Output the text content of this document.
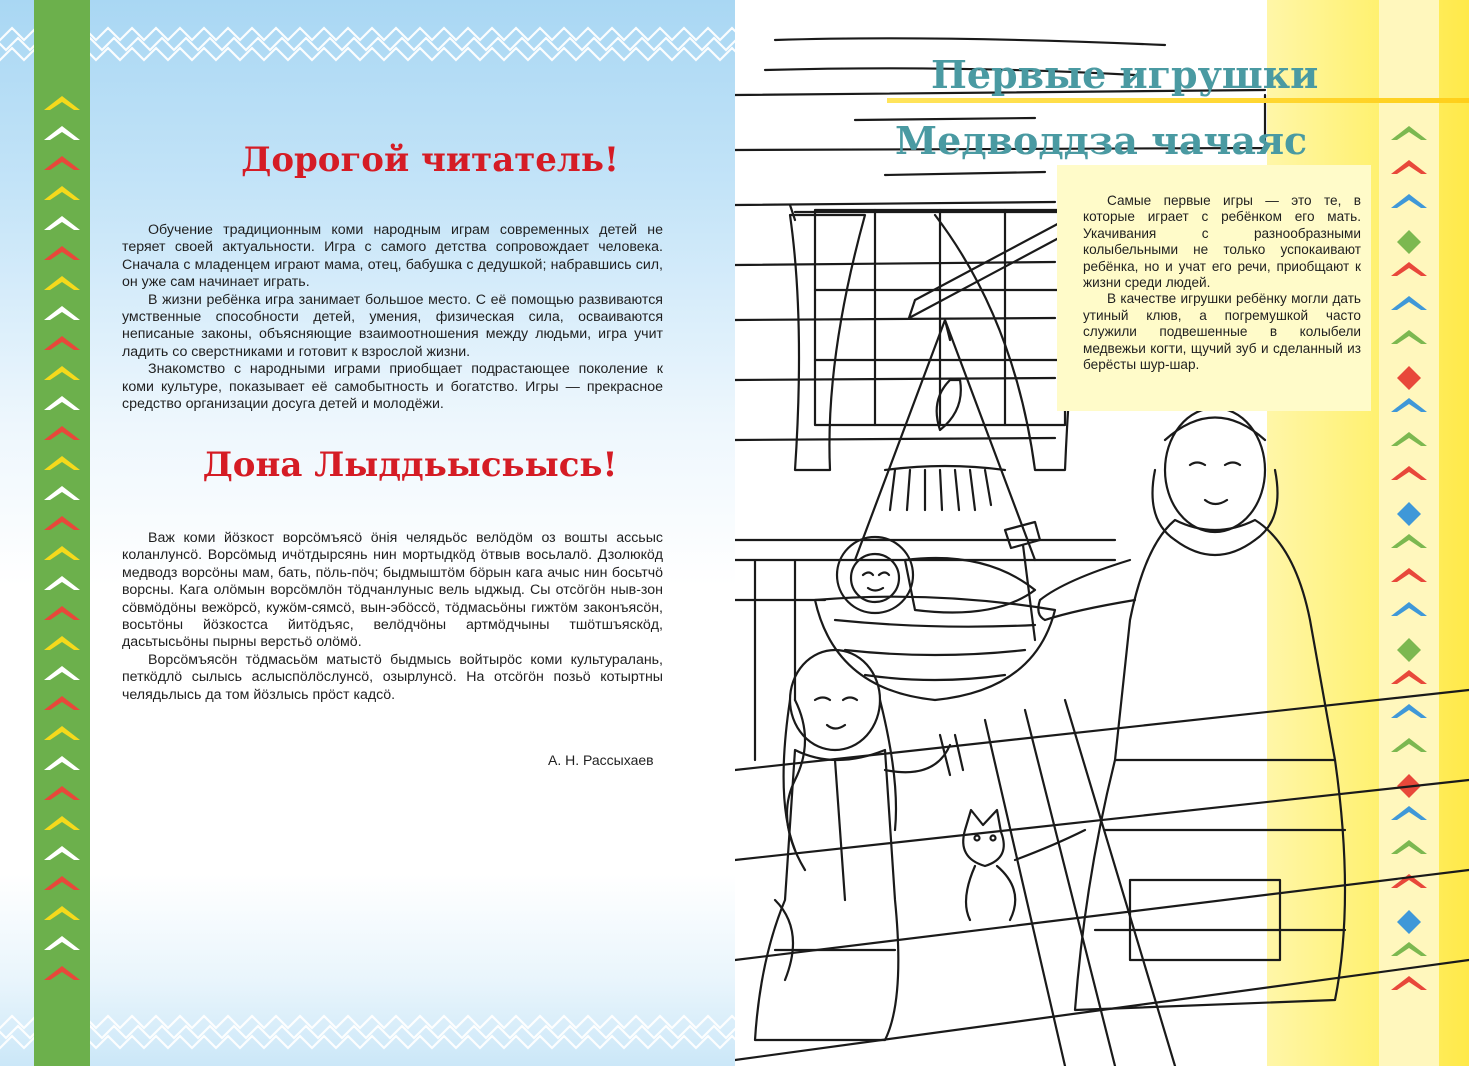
Дорогой читатель!

Обучение традиционным коми народным играм современных детей не теряет своей актуальности. Игра с самого детства сопровождает человека. Сначала с младенцем играют мама, отец, бабушка с дедушкой; набравшись сил, он уже сам начинает играть.

В жизни ребёнка игра занимает большое место. С её помощью развиваются умственные способности детей, умения, физическая сила, осваиваются неписаные законы, объясняющие взаимоотношения между людьми, игра учит ладить со сверстниками и готовит к взрослой жизни.

Знакомство с народными играми приобщает подрастающее поколение к коми культуре, показывает её самобытность и богатство. Игры — прекрасное средство организации досуга детей и молодёжи.

Дона Лыддьысьысь!

Важ коми йӧзкост ворсӧмъясӧ ӧнія челядьӧс велӧдӧм оз вошты ассьыс коланлунсӧ. Ворсӧмыд ичӧтдырсянь нин мортыдкӧд ӧтвыв восьлалӧ. Дзолюкӧд медводз ворсӧны мам, бать, пӧль-пӧч; быдмыштӧм бӧрын кага ачыс нин босьтчӧ ворсны. Кага олӧмын ворсӧмлӧн тӧдчанлуныс вель ыджыд. Сы отсӧгӧн ныв-зон сӧвмӧдӧны вежӧрсӧ, кужӧм-сямсӧ, вын-эбӧссӧ, тӧдмасьӧны гижтӧм законъясӧн, восьтӧны йӧзкостса йитӧдъяс, велӧдчӧны артмӧдчыны тшӧтшъяскӧд, дасьтысьӧны пырны верстьӧ олӧмӧ.

Ворсӧмъясӧн тӧдмасьӧм матыстӧ быдмысь войтырӧс коми культуралань, петкӧдлӧ сылысь аслыспӧлӧслунсӧ, озырлунсӧ. На отсӧгӧн позьӧ котыртны челядьлысь да том йӧзлысь прӧст кадсӧ.

А. Н. Рассыхаев
Первые игрушки
Медводдза чачаяс

Самые первые игры — это те, в которые играет с ребёнком его мать. Укачивания с разнообразными колыбельными не только успокаивают ребёнка, но и учат его речи, приобщают к жизни среди людей.

В качестве игрушки ребёнку могли дать утиный клюв, а погремушкой часто служили подвешенные в колыбели медвежьи когти, щучий зуб и сделанный из берёсты шур-шар.
